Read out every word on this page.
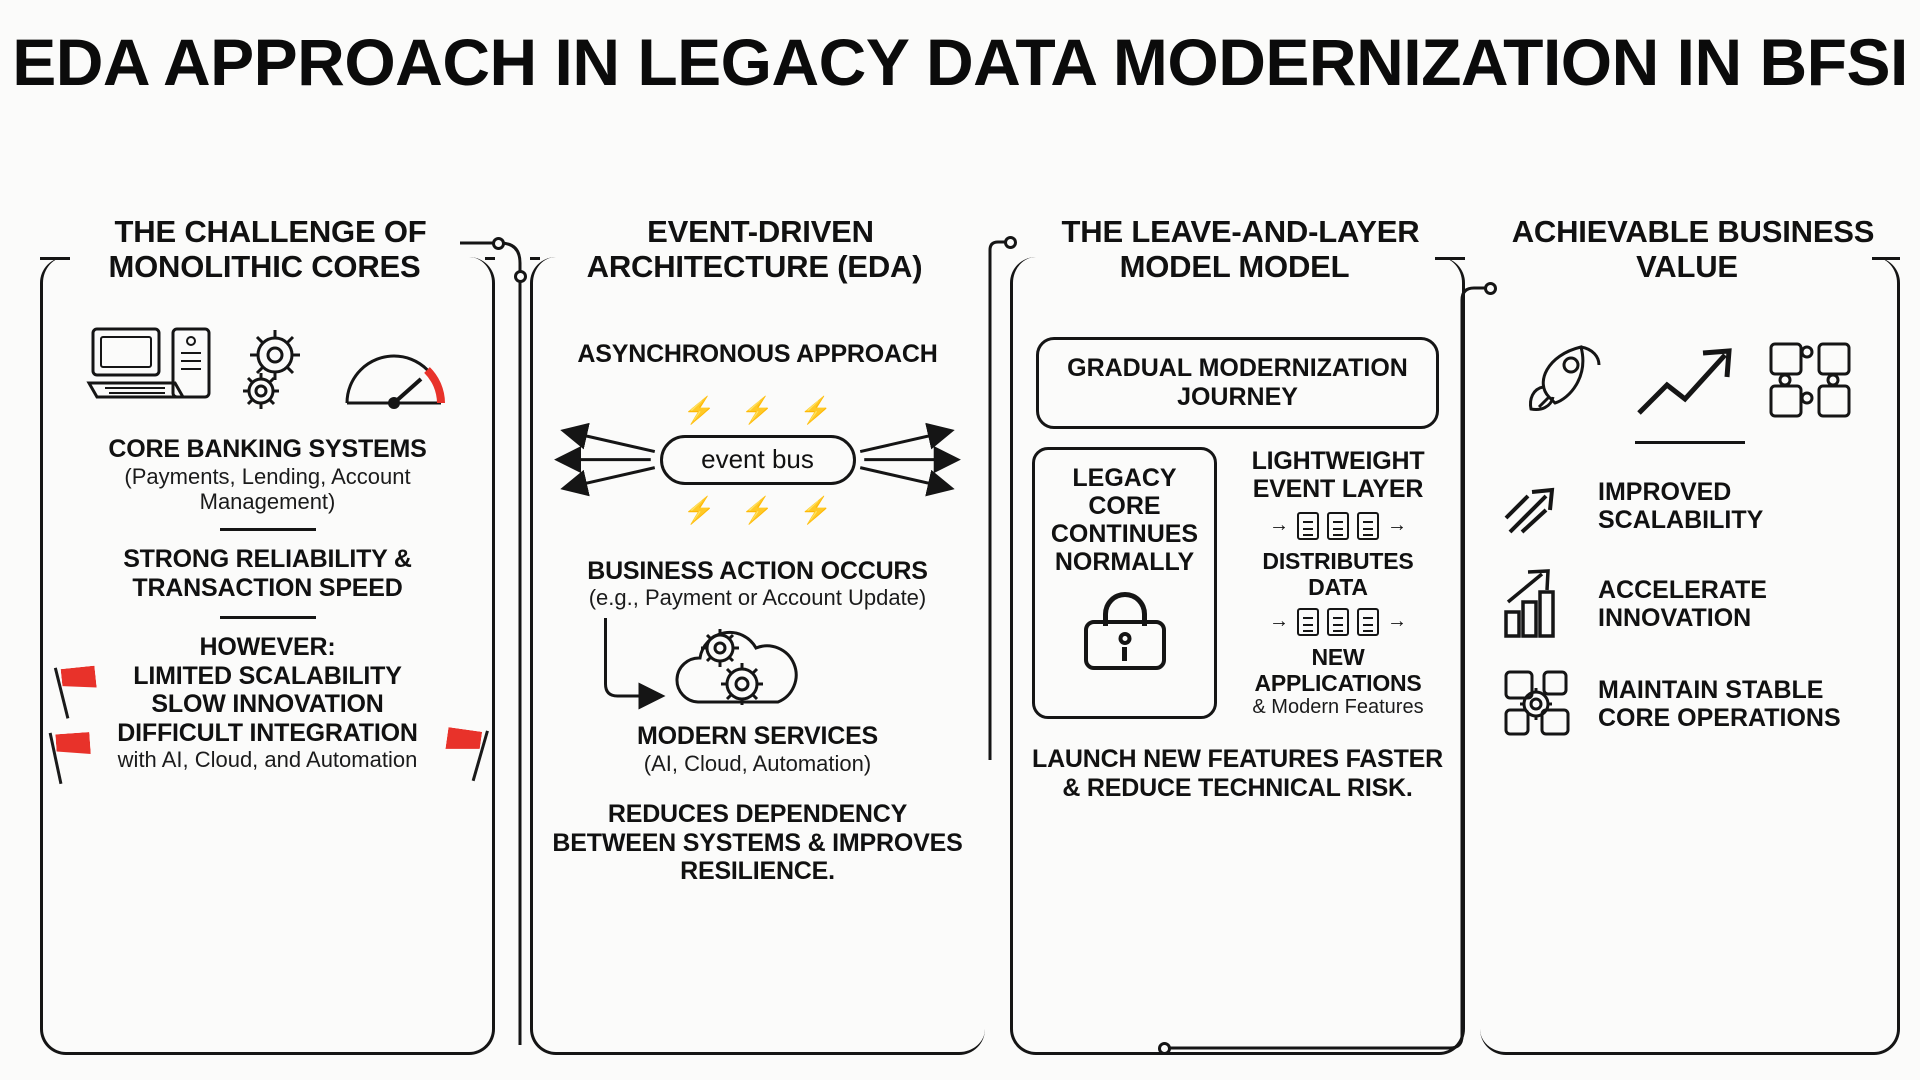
EDA APPROACH IN LEGACY DATA MODERNIZATION IN BFSI
THE CHALLENGE OF MONOLITHIC CORES
CORE BANKING SYSTEMS
(Payments, Lending, Account Management)
STRONG RELIABILITY & TRANSACTION SPEED
HOWEVER:
LIMITED SCALABILITY
SLOW INNOVATION
DIFFICULT INTEGRATION
with AI, Cloud, and Automation
EVENT-DRIVEN ARCHITECTURE (EDA)
ASYNCHRONOUS APPROACH
⚡ ⚡ ⚡
event bus
⚡ ⚡ ⚡
BUSINESS ACTION OCCURS
(e.g., Payment or Account Update)
MODERN SERVICES
(AI, Cloud, Automation)
REDUCES DEPENDENCY BETWEEN SYSTEMS & IMPROVES RESILIENCE.
THE LEAVE-AND-LAYER MODEL MODEL
GRADUAL MODERNIZATION JOURNEY
LEGACY CORE CONTINUES NORMALLY
LIGHTWEIGHT EVENT LAYER
→	→
DISTRIBUTES DATA
→	→
NEW APPLICATIONS
& Modern Features
LAUNCH NEW FEATURES FASTER & REDUCE TECHNICAL RISK.
ACHIEVABLE BUSINESS VALUE
IMPROVED SCALABILITY
ACCELERATE INNOVATION
MAINTAIN STABLE CORE OPERATIONS
